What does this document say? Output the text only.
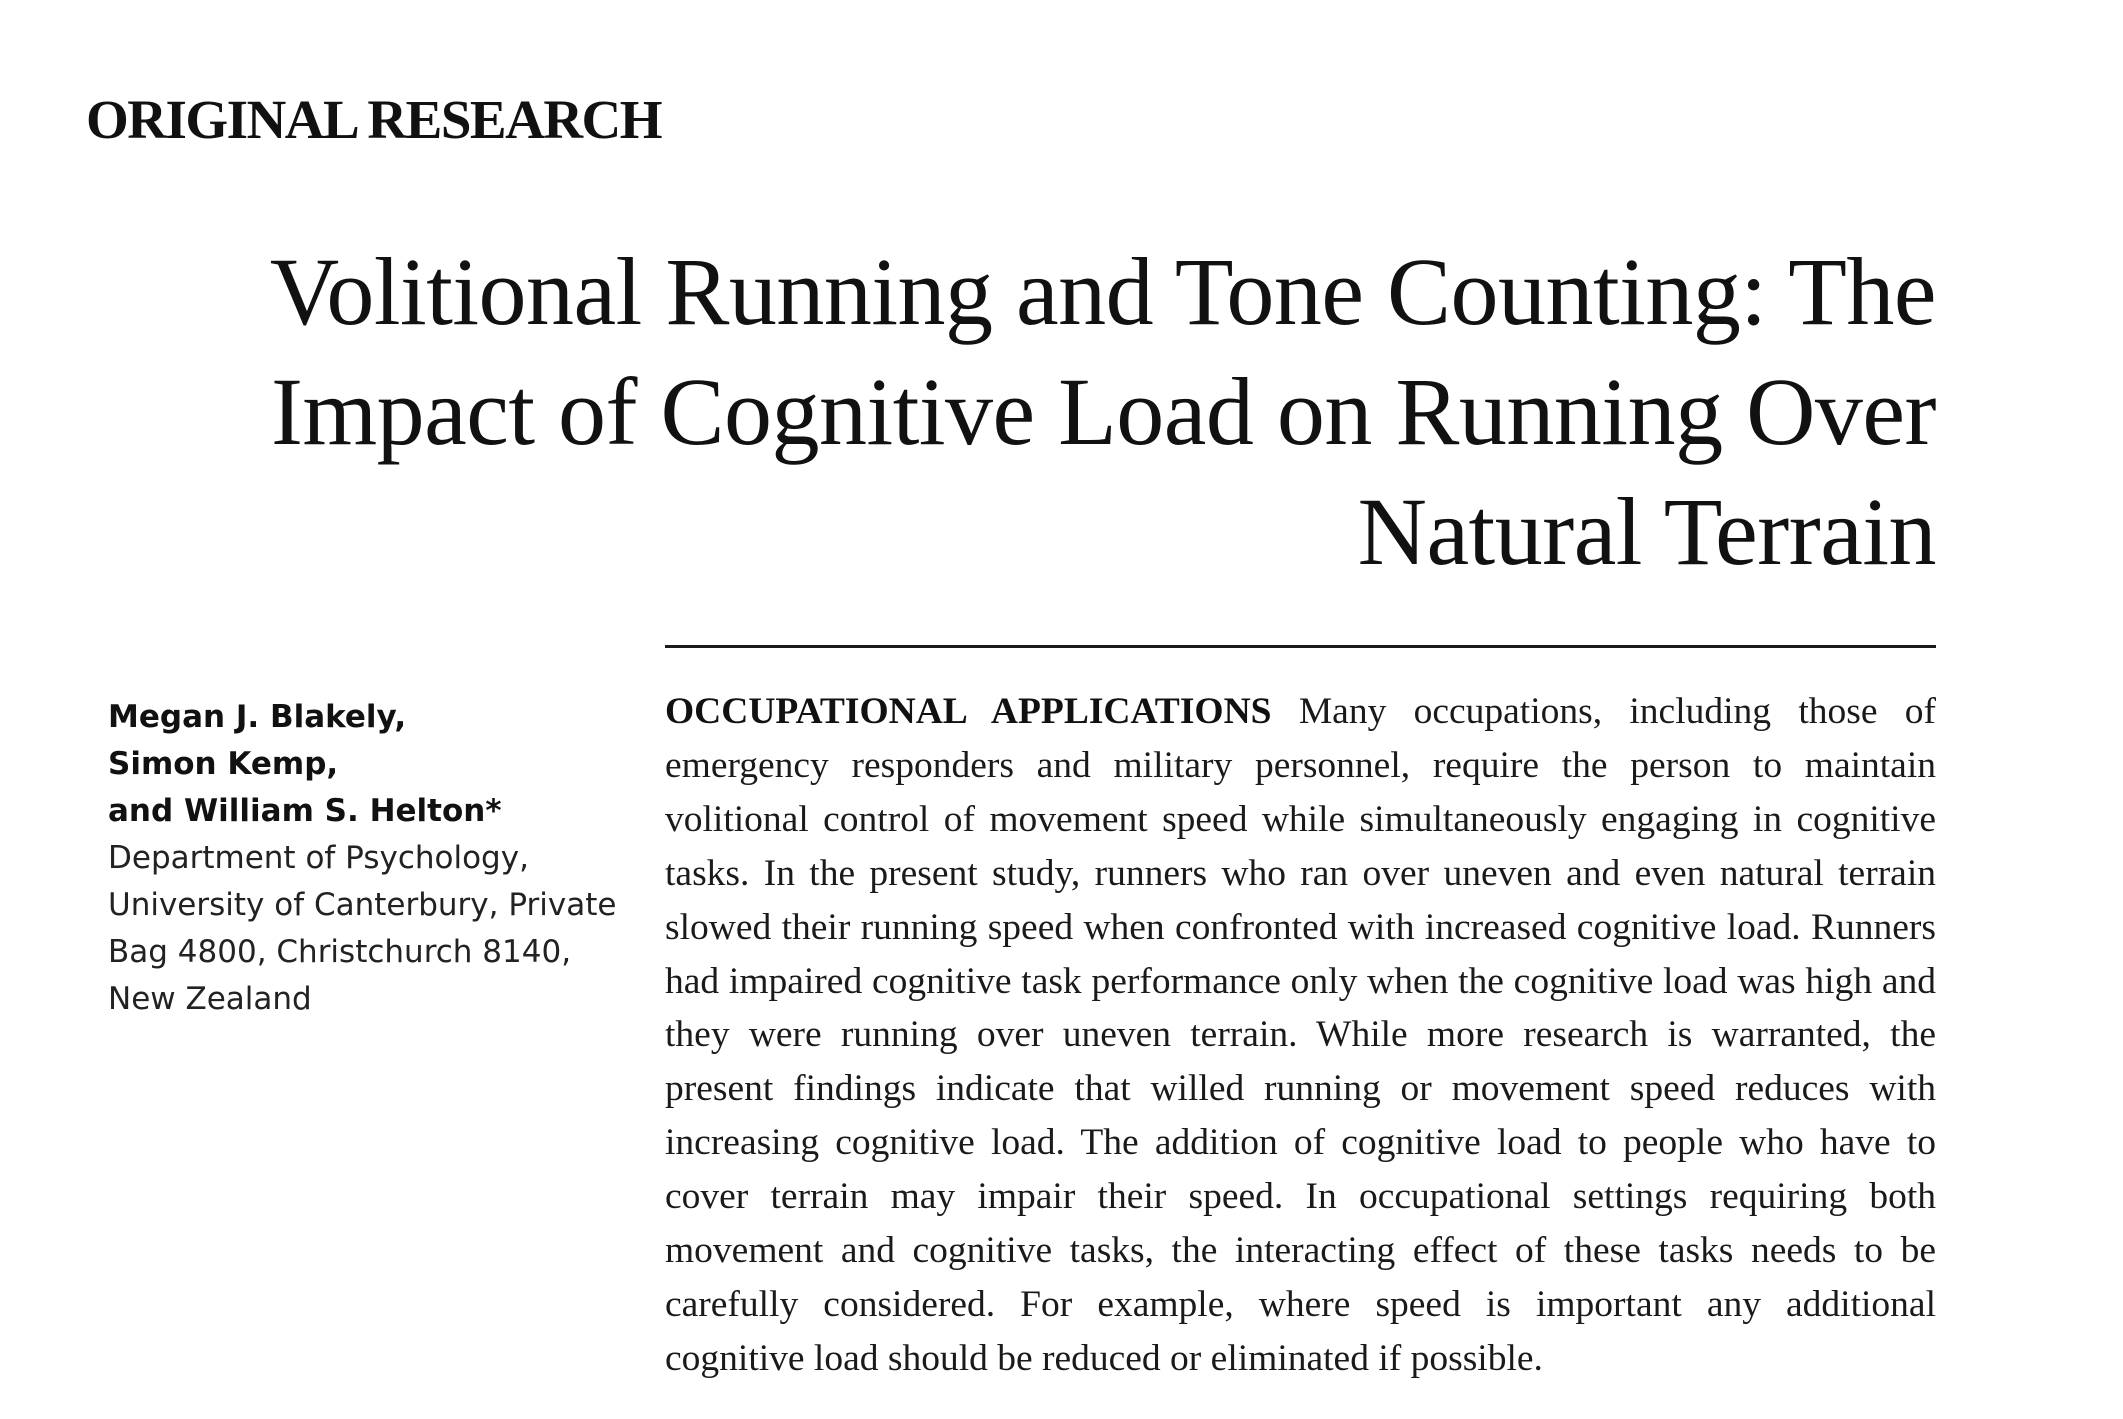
ORIGINAL RESEARCH
Volitional Running and Tone Counting: The
Impact of Cognitive Load on Running Over
Natural Terrain
Megan J. Blakely,
Simon Kemp,
and William S. Helton*
Department of Psychology,
University of Canterbury, Private
Bag 4800, Christchurch 8140,
New Zealand

OCCUPATIONAL APPLICATIONS Many occupations, including those of emergency responders and military personnel, require the person to maintain volitional control of movement speed while simultaneously engaging in cognitive tasks. In the present study, runners who ran over uneven and even natural terrain slowed their running speed when confronted with increased cognitive load. Runners had impaired cognitive task performance only when the cognitive load was high and they were running over uneven terrain. While more research is warranted, the present findings indicate that willed running or movement speed reduces with increasing cognitive load. The addition of cognitive load to people who have to cover terrain may impair their speed. In occupational settings requiring both movement and cognitive tasks, the interacting effect of these tasks needs to be carefully considered. For example, where speed is important any additional cognitive load should be reduced or eliminated if possible.
